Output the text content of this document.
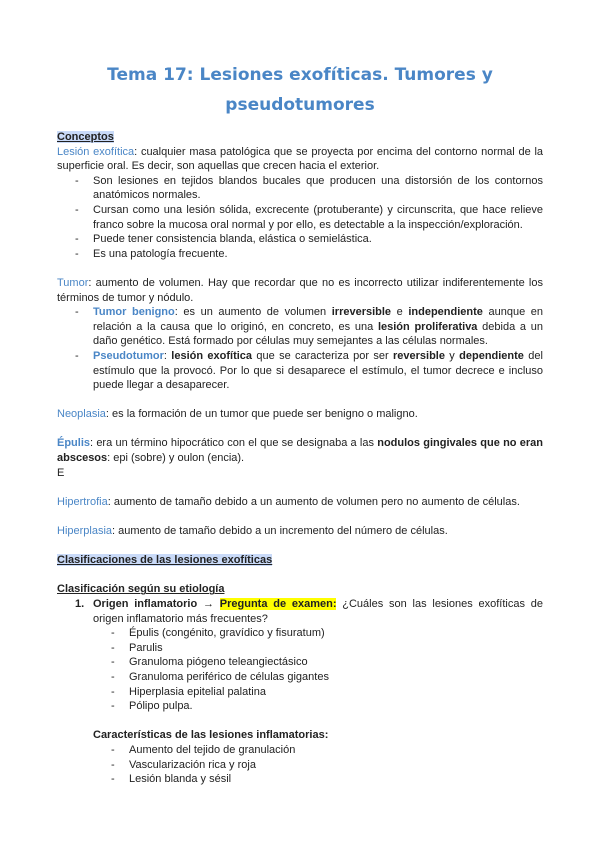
Tema 17: Lesiones exofíticas. Tumores y pseudotumores

Conceptos

Lesión exofítica: cualquier masa patológica que se proyecta por encima del contorno normal de la superficie oral. Es decir, son aquellas que crecen hacia el exterior.

- Son lesiones en tejidos blandos bucales que producen una distorsión de los contornos anatómicos normales.
- Cursan como una lesión sólida, excrecente (protuberante) y circunscrita, que hace relieve franco sobre la mucosa oral normal y por ello, es detectable a la inspección/exploración.
- Puede tener consistencia blanda, elástica o semielástica.
- Es una patología frecuente.

Tumor: aumento de volumen. Hay que recordar que no es incorrecto utilizar indiferentemente los términos de tumor y nódulo.

- Tumor benigno: es un aumento de volumen irreversible e independiente aunque en relación a la causa que lo originó, en concreto, es una lesión proliferativa debida a un daño genético. Está formado por células muy semejantes a las células normales.
- Pseudotumor: lesión exofítica que se caracteriza por ser reversible y dependiente del estímulo que la provocó. Por lo que si desaparece el estímulo, el tumor decrece e incluso puede llegar a desaparecer.

Neoplasia: es la formación de un tumor que puede ser benigno o maligno.

Épulis: era un término hipocrático con el que se designaba a las nodulos gingivales que no eran abscesos: epi (sobre) y oulon (encia).

E

Hipertrofia: aumento de tamaño debido a un aumento de volumen pero no aumento de células.

Hiperplasia: aumento de tamaño debido a un incremento del número de células.

Clasificaciones de las lesiones exofíticas

Clasificación según su etiología

1. Origen inflamatorio → Pregunta de examen: ¿Cuáles son las lesiones exofíticas de origen inflamatorio más frecuentes?
- Épulis (congénito, gravídico y fisuratum)
- Parulis
- Granuloma piógeno teleangiectásico
- Granuloma periférico de células gigantes
- Hiperplasia epitelial palatina
- Pólipo pulpa.

Características de las lesiones inflamatorias:

- Aumento del tejido de granulación
- Vascularización rica y roja
- Lesión blanda y sésil
